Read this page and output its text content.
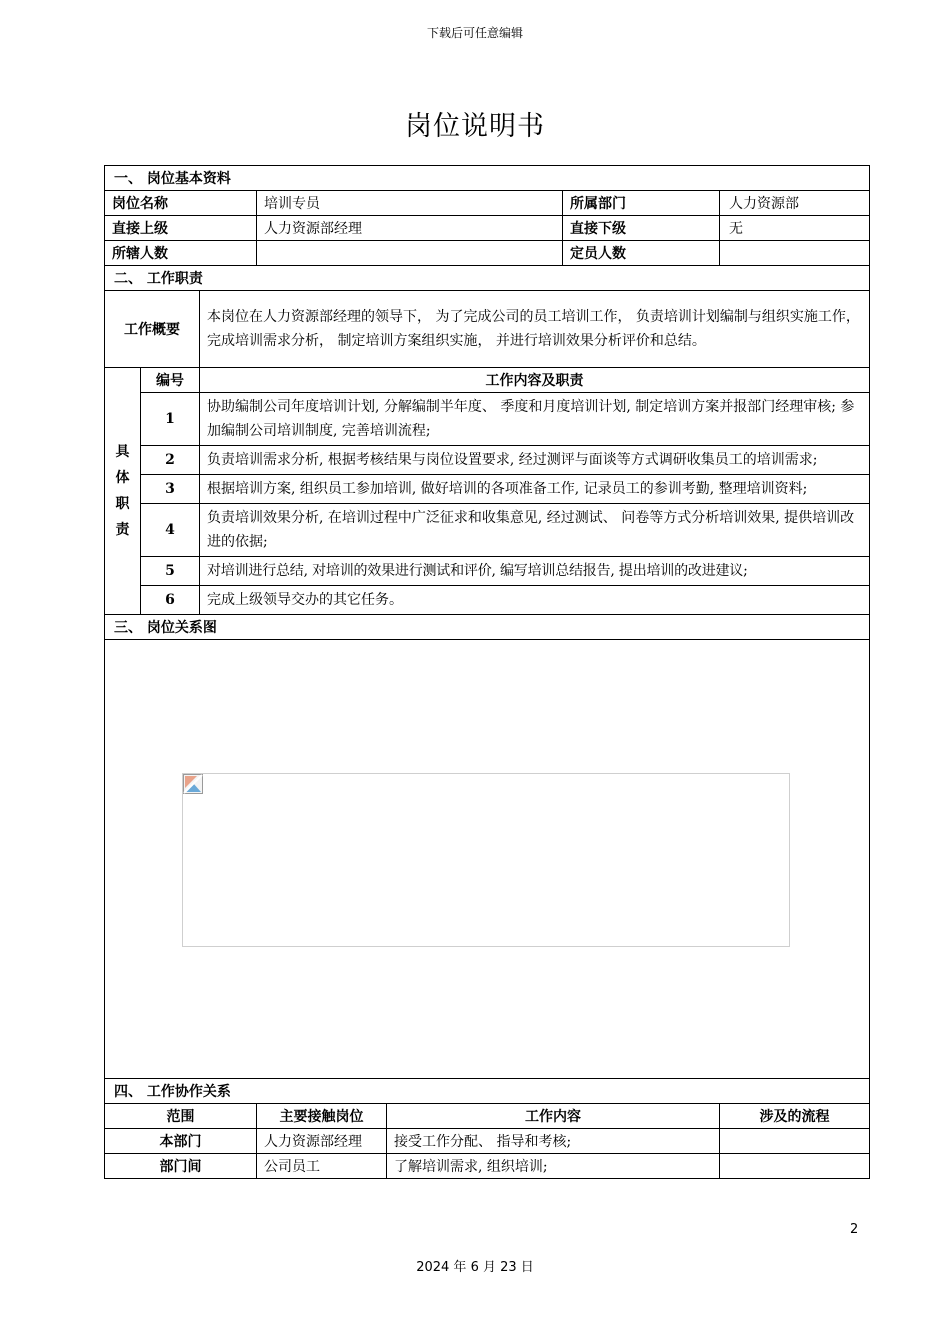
下载后可任意编辑
岗位说明书
一、 岗位基本资料						
岗位名称			培训专员		所属部门	人力资源部
直接上级			人力资源部经理		直接下级	无
所辖人数					定员人数	
二、 工作职责						
工作概要		本岗位在人力资源部经理的领导下， 为了完成公司的员工培训工作， 负责培训计划编制与组织实施工作， 完成培训需求分析， 制定培训方案组织实施， 并进行培训效果分析评价和总结。				
具
体
职
责	编号	工作内容及职责				
	1	协助编制公司年度培训计划, 分解编制半年度、 季度和月度培训计划, 制定培训方案并报部门经理审核; 参加编制公司培训制度, 完善培训流程;				
	2	负责培训需求分析, 根据考核结果与岗位设置要求, 经过测评与面谈等方式调研收集员工的培训需求;				
	3	根据培训方案, 组织员工参加培训, 做好培训的各项准备工作, 记录员工的参训考勤, 整理培训资料;				
	4	负责培训效果分析, 在培训过程中广泛征求和收集意见, 经过测试、 问卷等方式分析培训效果, 提供培训改进的依据;				
	5	对培训进行总结, 对培训的效果进行测试和评价, 编写培训总结报告, 提出培训的改进建议;				
	6	完成上级领导交办的其它任务。				
三、 岗位关系图						

四、 工作协作关系						
范围			主要接触岗位	工作内容		涉及的流程
本部门			人力资源部经理	接受工作分配、 指导和考核;		
部门间			公司员工	了解培训需求, 组织培训;		
2
2024 年 6 月 23 日
